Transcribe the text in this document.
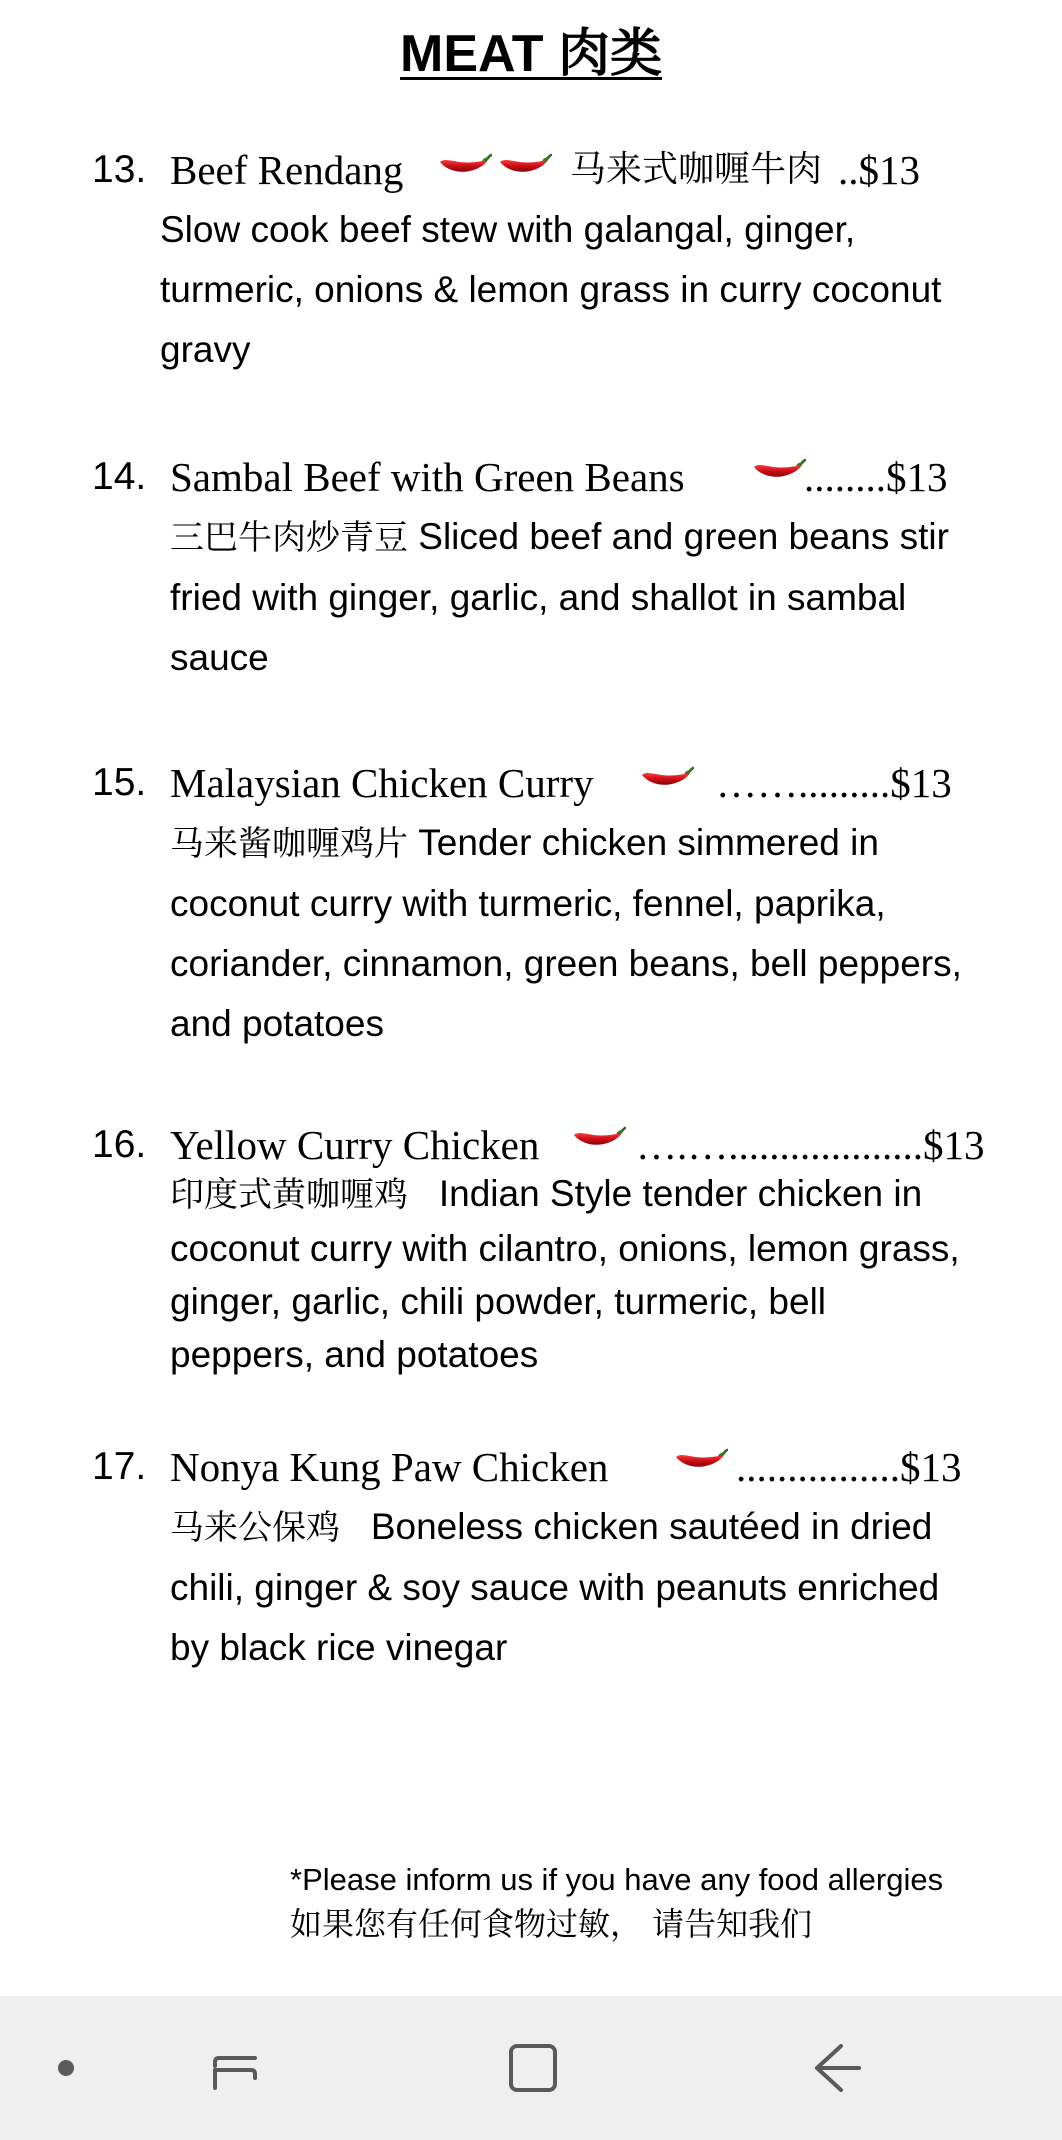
MEAT 肉类
13. Beef Rendang	马来式咖喱牛肉 ..$13
Slow cook beef stew with galangal, ginger,
turmeric, onions & lemon grass in curry coconut
gravy
14. Sambal Beef with Green Beans	........$13
三巴牛肉炒青豆 Sliced beef and green beans stir
fried with ginger, garlic, and shallot in sambal
sauce
15. Malaysian Chicken Curry	…….........$13
马来酱咖喱鸡片 Tender chicken simmered in
coconut curry with turmeric, fennel, paprika,
coriander, cinnamon, green beans, bell peppers,
and potatoes
16. Yellow Curry Chicken ….…...................$13
印度式黄咖喱鸡 Indian Style tender chicken in
coconut curry with cilantro, onions, lemon grass,
ginger, garlic, chili powder, turmeric, bell
peppers, and potatoes
17. Nonya Kung Paw Chicken	................$13
马来公保鸡 Boneless chicken sautéed in dried
chili, ginger & soy sauce with peanuts enriched
by black rice vinegar
*Please inform us if you have any food allergies
如果您有任何食物过敏， 请告知我们
